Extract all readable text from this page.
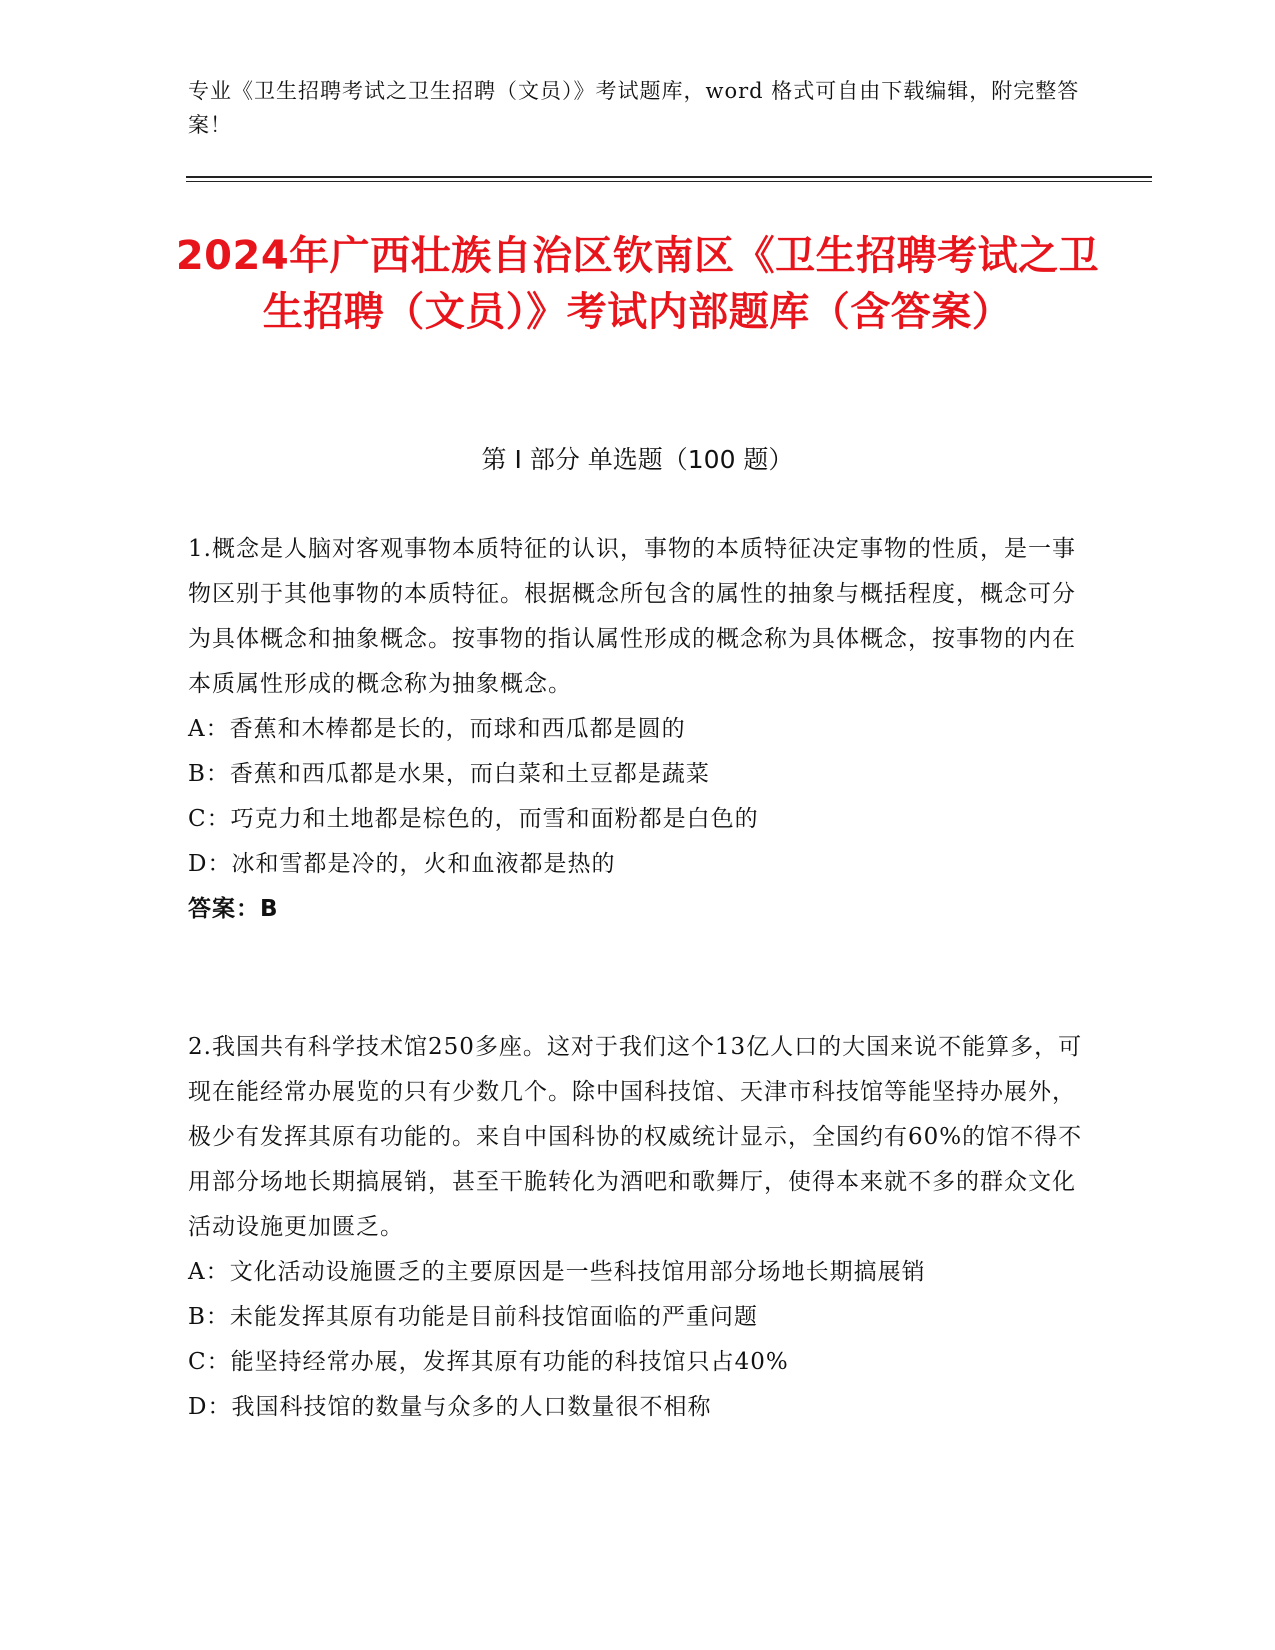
专业《卫生招聘考试之卫生招聘（文员）》考试题库，word 格式可自由下载编辑，附完整答案！
2024年广西壮族自治区钦南区《卫生招聘考试之卫生招聘（文员）》考试内部题库（含答案）
第 I 部分 单选题（100 题）

1.概念是人脑对客观事物本质特征的认识，事物的本质特征决定事物的性质，是一事物区别于其他事物的本质特征。根据概念所包含的属性的抽象与概括程度，概念可分为具体概念和抽象概念。按事物的指认属性形成的概念称为具体概念，按事物的内在本质属性形成的概念称为抽象概念。

A：香蕉和木棒都是长的，而球和西瓜都是圆的

B：香蕉和西瓜都是水果，而白菜和土豆都是蔬菜

C：巧克力和土地都是棕色的，而雪和面粉都是白色的

D：冰和雪都是冷的，火和血液都是热的

答案：B

2.我国共有科学技术馆250多座。这对于我们这个13亿人口的大国来说不能算多，可现在能经常办展览的只有少数几个。除中国科技馆、天津市科技馆等能坚持办展外，极少有发挥其原有功能的。来自中国科协的权威统计显示，全国约有60%的馆不得不用部分场地长期搞展销，甚至干脆转化为酒吧和歌舞厅，使得本来就不多的群众文化活动设施更加匮乏。

A：文化活动设施匮乏的主要原因是一些科技馆用部分场地长期搞展销

B：未能发挥其原有功能是目前科技馆面临的严重问题

C：能坚持经常办展，发挥其原有功能的科技馆只占40%

D：我国科技馆的数量与众多的人口数量很不相称
